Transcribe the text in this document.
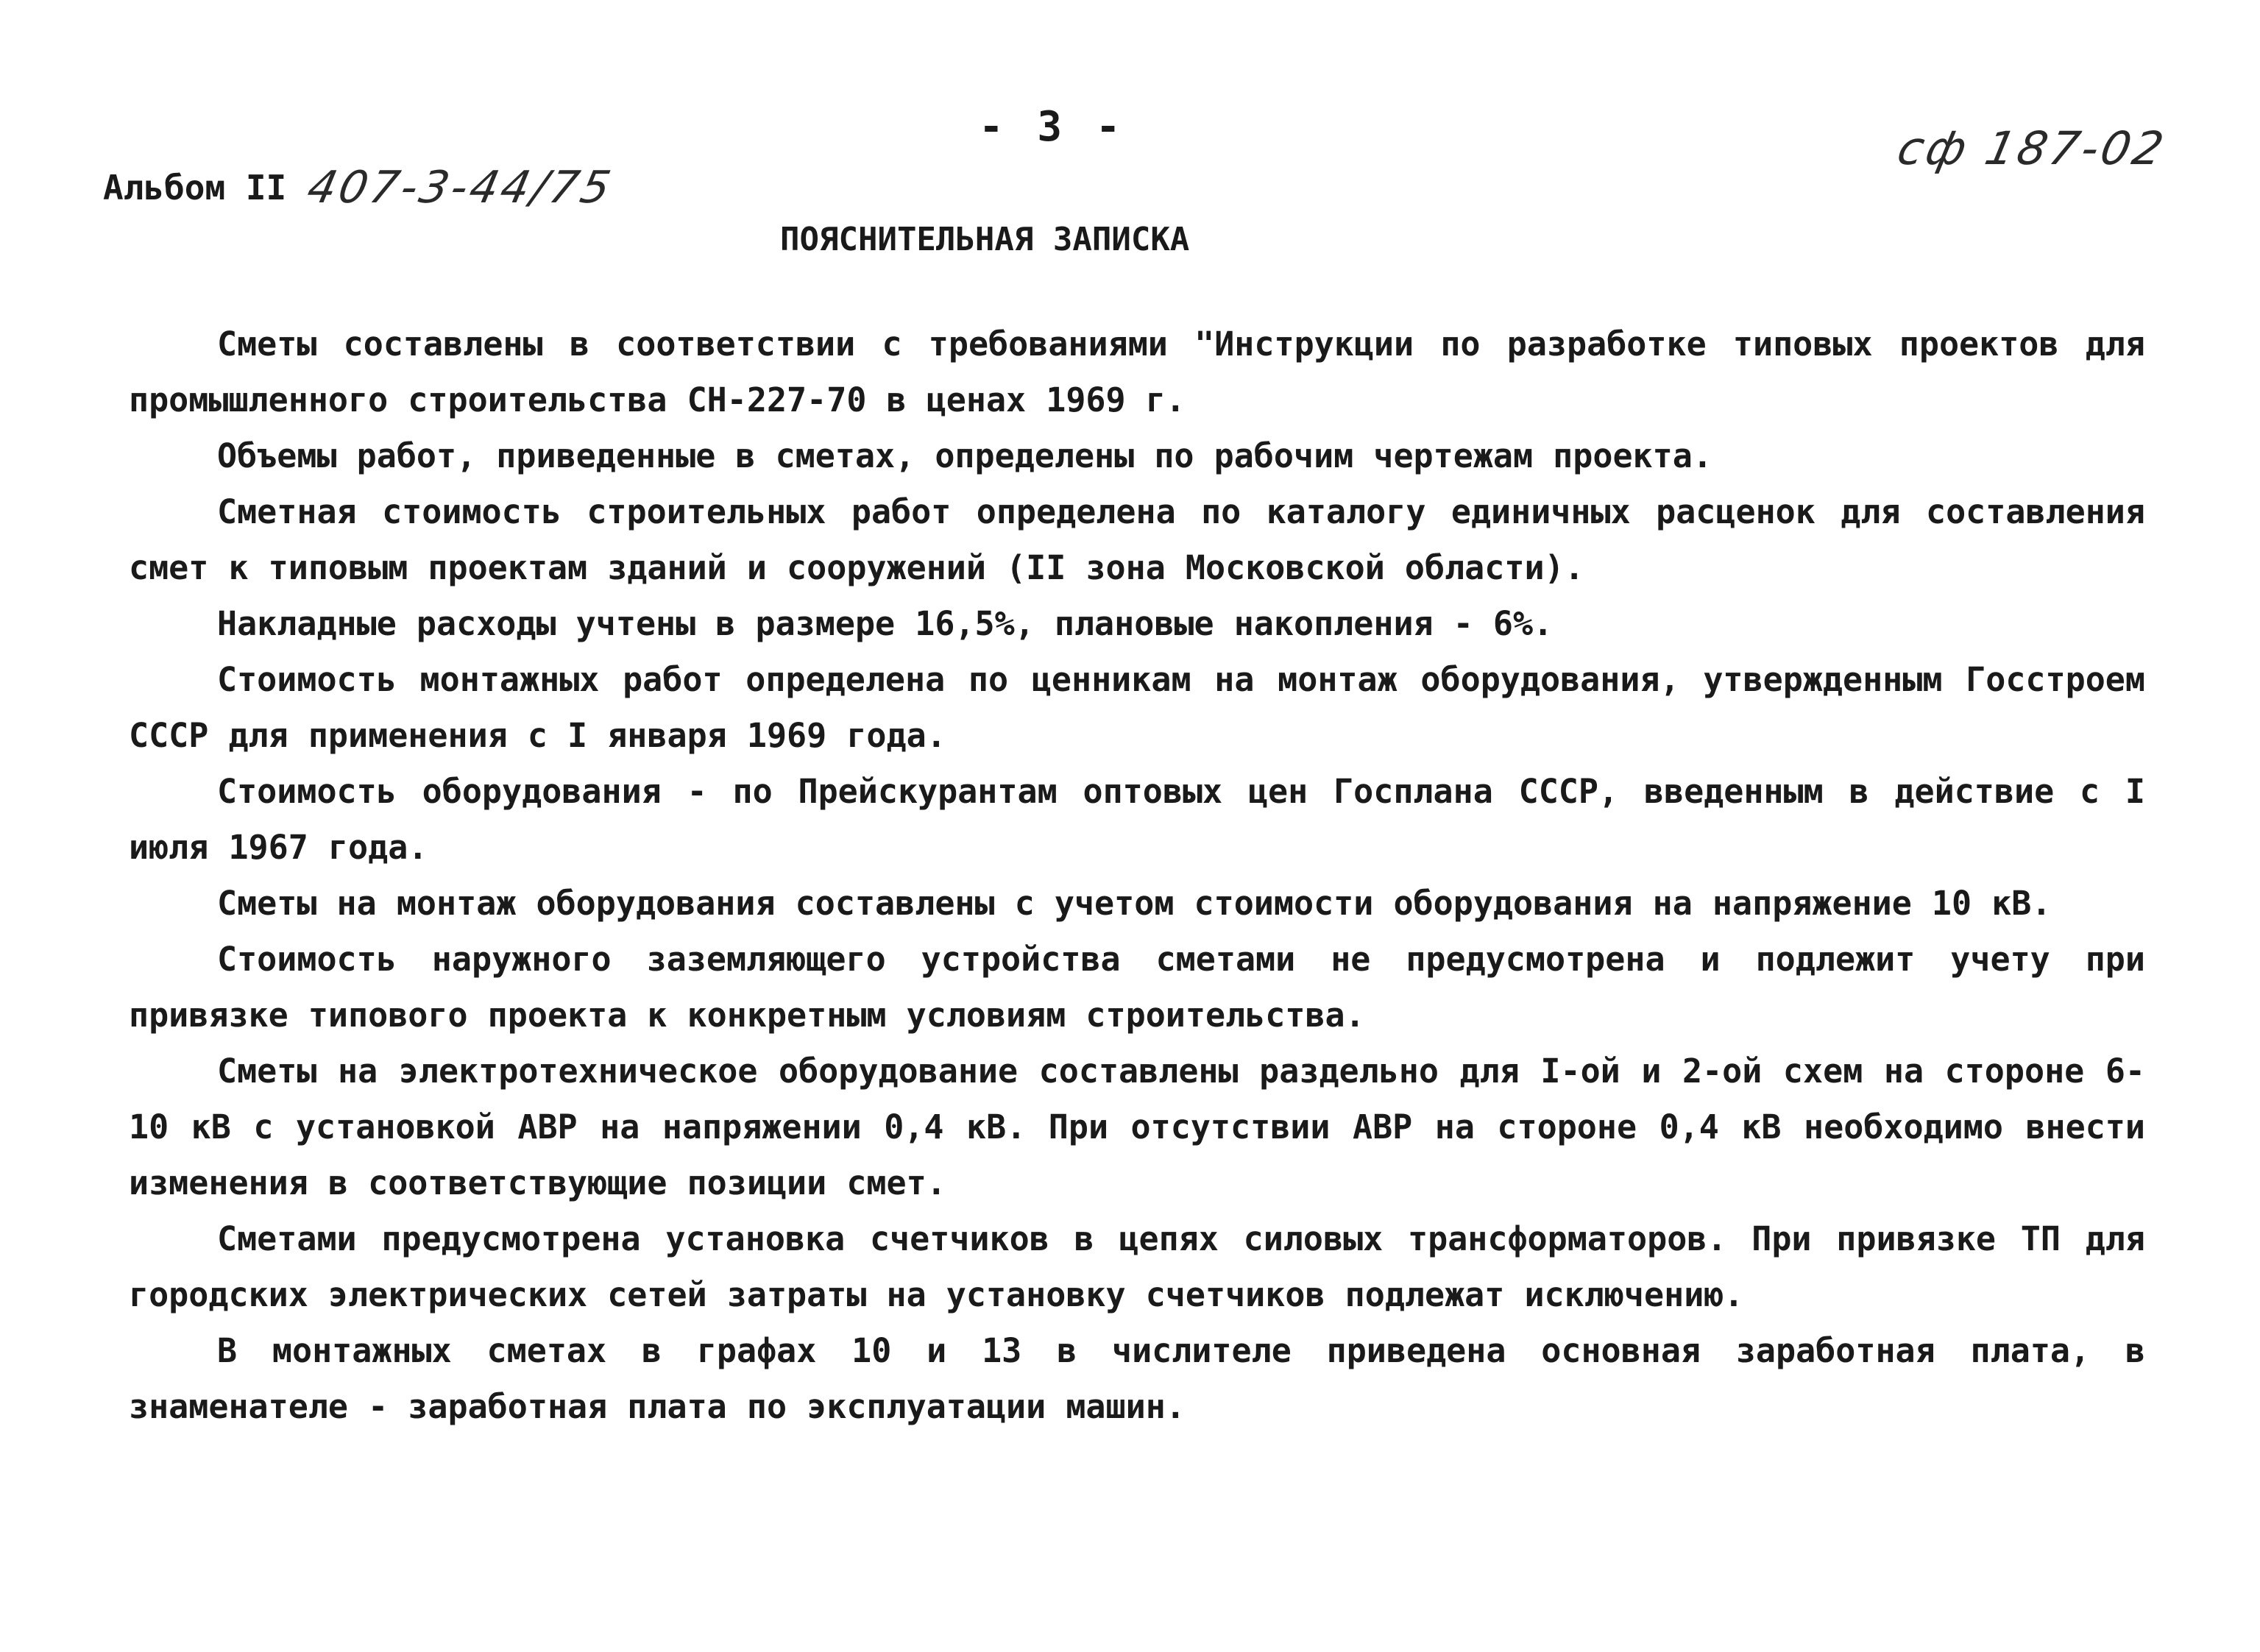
- 3 -
Альбом II 407-3-44/75
сф 187-02
ПОЯСНИТЕЛЬНАЯ ЗАПИСКА

Сметы составлены в соответствии с требованиями "Инструкции по разработке типовых проектов для промышленного строительства СН-227-70 в ценах 1969 г.

Объемы работ, приведенные в сметах, определены по рабочим чертежам проекта.

Сметная стоимость строительных работ определена по каталогу единичных расценок для составления смет к типовым проектам зданий и сооружений (II зона Московской области).

Накладные расходы учтены в размере 16,5%, плановые накопления - 6%.

Стоимость монтажных работ определена по ценникам на монтаж оборудования, утвержденным Госстроем СССР для применения с I января 1969 года.

Стоимость оборудования - по Прейскурантам оптовых цен Госплана СССР, введенным в действие с I июля 1967 года.

Сметы на монтаж оборудования составлены с учетом стоимости оборудования на напряжение 10 кВ.

Стоимость наружного заземляющего устройства сметами не предусмотрена и подлежит учету при привязке типового проекта к конкретным условиям строительства.

Сметы на электротехническое оборудование составлены раздельно для I-ой и 2-ой схем на стороне 6-10 кВ с установкой АВР на напряжении 0,4 кВ. При отсутствии АВР на стороне 0,4 кВ необходимо внести изменения в соответствующие позиции смет.

Сметами предусмотрена установка счетчиков в цепях силовых трансформаторов. При привязке ТП для городских электрических сетей затраты на установку счетчиков подлежат исключению.

В монтажных сметах в графах 10 и 13 в числителе приведена основная заработная плата, в знаменателе - заработная плата по эксплуатации машин.
